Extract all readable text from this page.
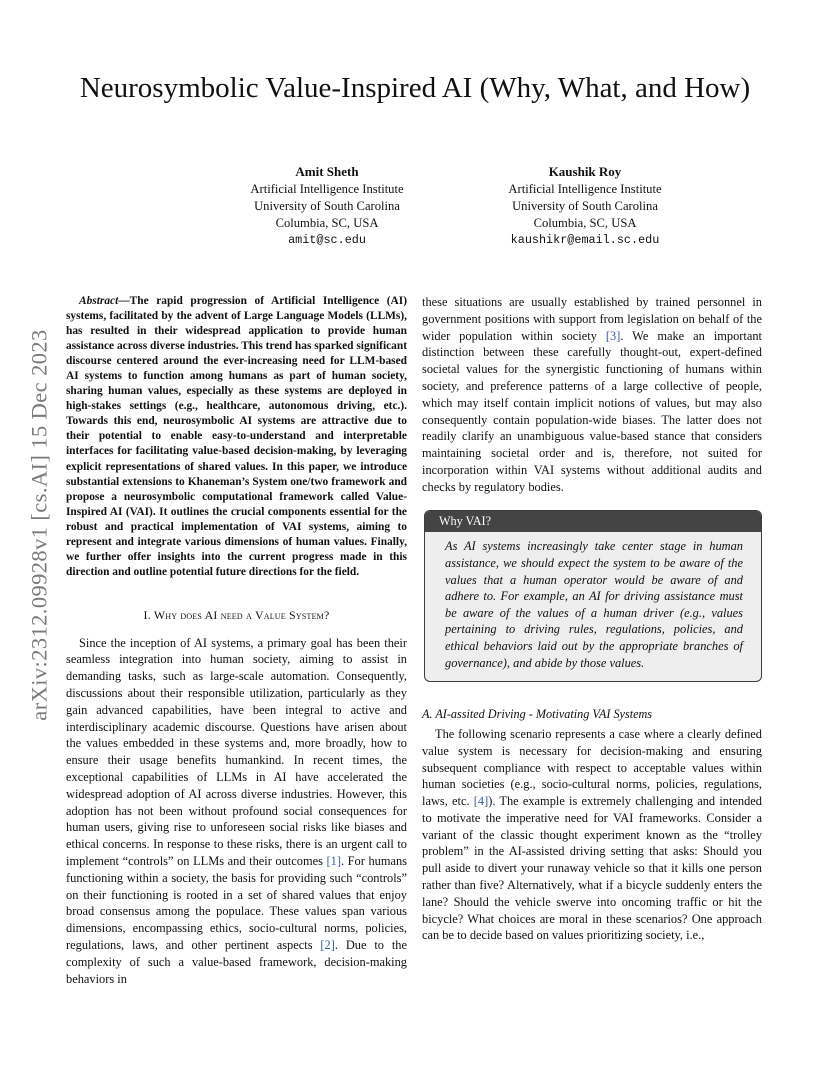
arXiv:2312.09928v1 [cs.AI] 15 Dec 2023
Neurosymbolic Value-Inspired AI (Why, What, and How)
Amit Sheth
Artificial Intelligence Institute
University of South Carolina
Columbia, SC, USA
amit@sc.edu
Kaushik Roy
Artificial Intelligence Institute
University of South Carolina
Columbia, SC, USA
kaushikr@email.sc.edu

Abstract—The rapid progression of Artificial Intelligence (AI) systems, facilitated by the advent of Large Language Models (LLMs), has resulted in their widespread application to provide human assistance across diverse industries. This trend has sparked significant discourse centered around the ever-increasing need for LLM-based AI systems to function among humans as part of human society, sharing human values, especially as these systems are deployed in high-stakes settings (e.g., healthcare, autonomous driving, etc.). Towards this end, neurosymbolic AI systems are attractive due to their potential to enable easy-to-understand and interpretable interfaces for facilitating value-based decision-making, by leveraging explicit representations of shared values. In this paper, we introduce substantial extensions to Khaneman’s System one/two framework and propose a neurosymbolic computational framework called Value-Inspired AI (VAI). It outlines the crucial components essential for the robust and practical implementation of VAI systems, aiming to represent and integrate various dimensions of human values. Finally, we further offer insights into the current progress made in this direction and outline potential future directions for the field.

I. Why does AI need a Value System?

Since the inception of AI systems, a primary goal has been their seamless integration into human society, aiming to assist in demanding tasks, such as large-scale automation. Consequently, discussions about their responsible utilization, particularly as they gain advanced capabilities, have been integral to active and interdisciplinary academic discourse. Questions have arisen about the values embedded in these systems and, more broadly, how to ensure their usage benefits humankind. In recent times, the exceptional capabilities of LLMs in AI have accelerated the widespread adoption of AI across diverse industries. However, this adoption has not been without profound social consequences for human users, giving rise to unforeseen social risks like biases and ethical concerns. In response to these risks, there is an urgent call to implement “controls” on LLMs and their outcomes [1]. For humans functioning within a society, the basis for providing such “controls” on their functioning is rooted in a set of shared values that enjoy broad consensus among the populace. These values span various dimensions, encompassing ethics, socio-cultural norms, policies, regulations, laws, and other pertinent aspects [2]. Due to the complexity of such a value-based framework, decision-making behaviors in

these situations are usually established by trained personnel in government positions with support from legislation on behalf of the wider population within society [3]. We make an important distinction between these carefully thought-out, expert-defined societal values for the synergistic functioning of humans within society, and preference patterns of a large collective of people, which may itself contain implicit notions of values, but may also consequently contain population-wide biases. The latter does not readily clarify an unambiguous value-based stance that considers maintaining societal order and is, therefore, not suited for incorporation within VAI systems without additional audits and checks by regulatory bodies.

Why VAI?

As AI systems increasingly take center stage in human assistance, we should expect the system to be aware of the values that a human operator would be aware of and adhere to. For example, an AI for driving assistance must be aware of the values of a human driver (e.g., values pertaining to driving rules, regulations, policies, and ethical behaviors laid out by the appropriate branches of governance), and abide by those values.

A. AI-assited Driving - Motivating VAI Systems

The following scenario represents a case where a clearly defined value system is necessary for decision-making and ensuring subsequent compliance with respect to acceptable values within human societies (e.g., socio-cultural norms, policies, regulations, laws, etc. [4]). The example is extremely challenging and intended to motivate the imperative need for VAI frameworks. Consider a variant of the classic thought experiment known as the “trolley problem” in the AI-assisted driving setting that asks: Should you pull aside to divert your runaway vehicle so that it kills one person rather than five? Alternatively, what if a bicycle suddenly enters the lane? Should the vehicle swerve into oncoming traffic or hit the bicycle? What choices are moral in these scenarios? One approach can be to decide based on values prioritizing society, i.e.,
